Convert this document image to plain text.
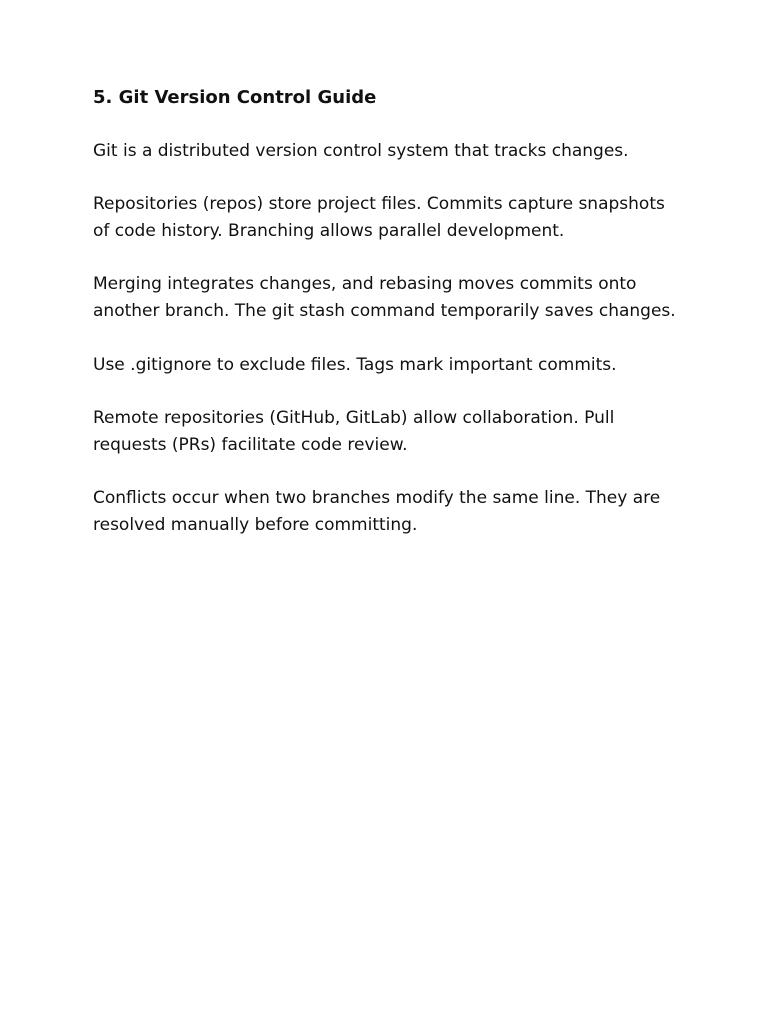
5. Git Version Control Guide

Git is a distributed version control system that tracks changes.

Repositories (repos) store project files. Commits capture snapshots of code history. Branching allows parallel development.

Merging integrates changes, and rebasing moves commits onto another branch. The git stash command temporarily saves changes.

Use .gitignore to exclude files. Tags mark important commits.

Remote repositories (GitHub, GitLab) allow collaboration. Pull requests (PRs) facilitate code review.

Conflicts occur when two branches modify the same line. They are resolved manually before committing.
